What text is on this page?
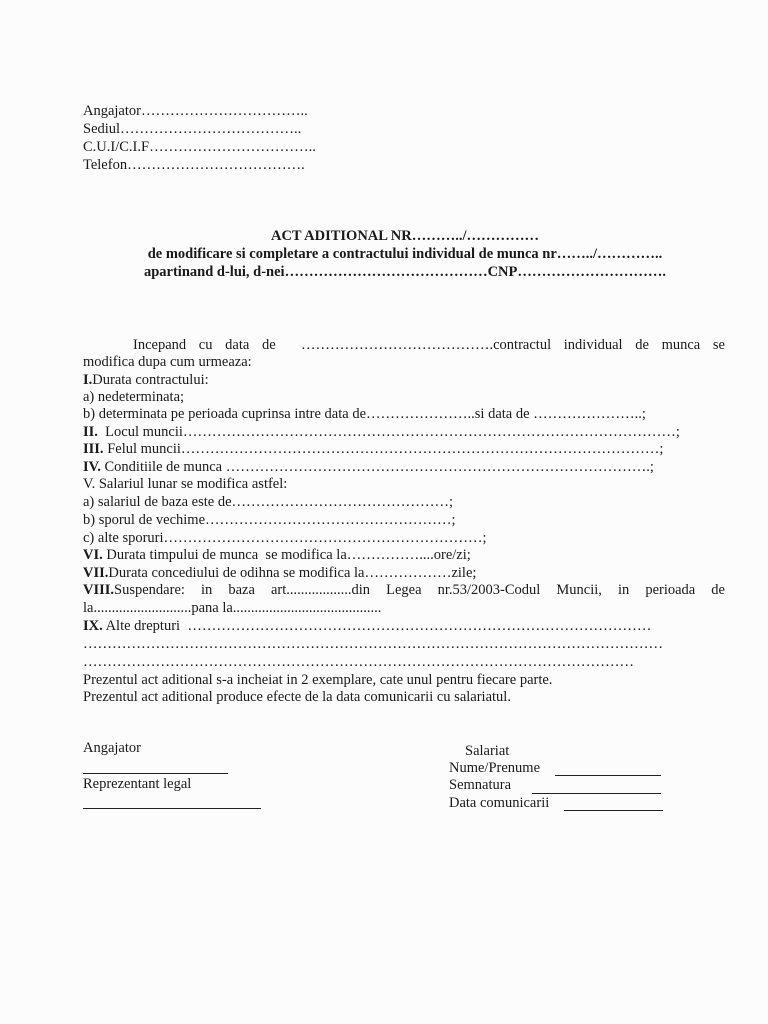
Angajator……………………………..
Sediul………………………………..
C.U.I/C.I.F……………………………..
Telefon……………………………….
ACT ADITIONAL NR………../……………
de modificare si completare a contractului individual de munca nr……../…………..
apartinand d-lui, d-nei……………………………………CNP………………………….
Incepand cu data de  ………………………………….contractul individual de munca se
modifica dupa cum urmeaza:
I.Durata contractului:
a) nedeterminata;
b) determinata pe perioada cuprinsa intre data de…………………..si data de …………………..;
II.  Locul muncii…………………………………………………………………………………………;
III. Felul muncii………………………………………………………………………………………;
IV. Conditiile de munca …………………………………………………………………………….;
V. Salariul lunar se modifica astfel:
a) salariul de baza este de………………………………………;
b) sporul de vechime……………………………………………;
c) alte sporuri…………………………………………………………;
VI. Durata timpului de munca  se modifica la……………....ore/zi;
VII.Durata concediului de odihna se modifica la………………zile;
VIII.Suspendare:  in  baza  art..................din  Legea  nr.53/2003-Codul  Muncii,  in  perioada  de
la...........................pana la.........................................
IX. Alte drepturi  ……………………………………………………………………………………
…………………………………………………………………………………………………………
……………………………………………………………………………………………………
Prezentul act aditional s-a incheiat in 2 exemplare, cate unul pentru fiecare parte.
Prezentul act aditional produce efecte de la data comunicarii cu salariatul.
Angajator
Reprezentant legal
Salariat
Nume/Prenume
Semnatura
Data comunicarii
